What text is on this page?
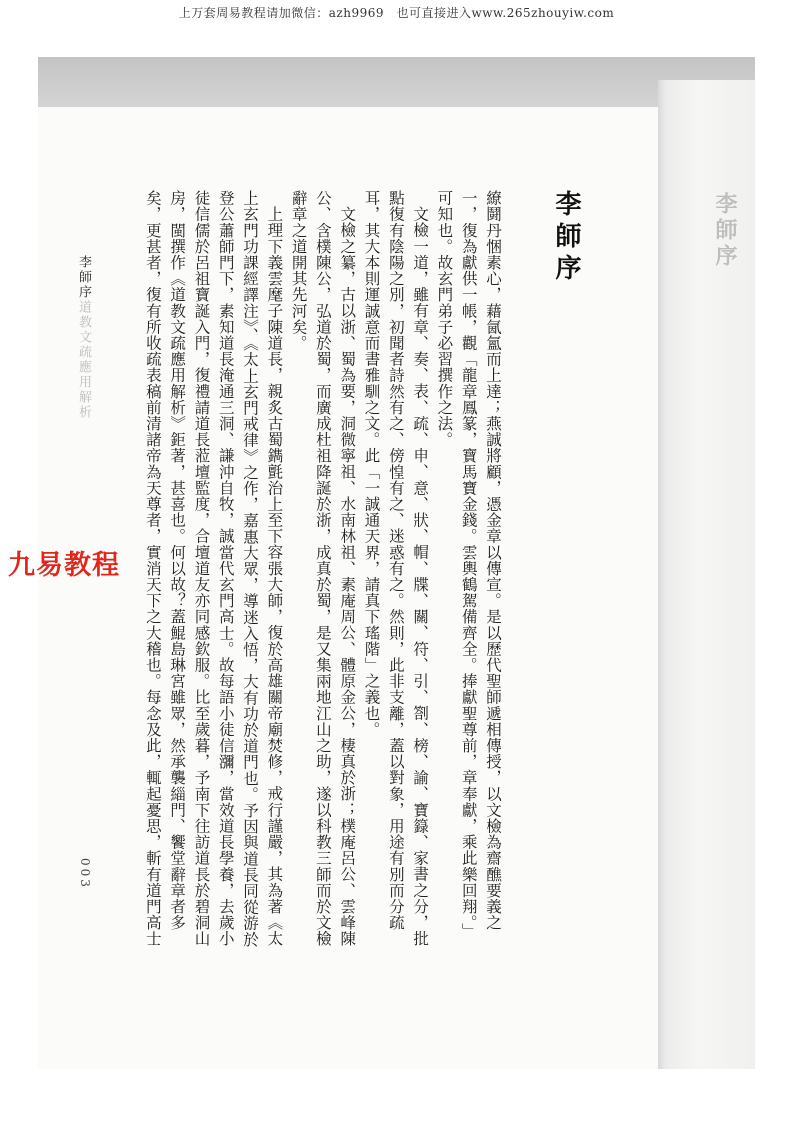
上万套周易教程请加微信：azh9969　也可直接进入www.265zhouyiw.com
李師序
李師序

繚鬪丹悃素心，藉氤氳而上達；燕誠將顧，憑金章以傳宣。是以歷代聖師遞相傳授，以文檢為齋醮要義之一，復為獻供一帳，觀「龍章鳳篆，寶馬寶金錢。雲輿鶴駕備齊全。捧獻聖尊前，章奉獻，乘此樂回翔。」可知也。故玄門弟子必習撰作之法。

文檢一道，雖有章、奏、表、疏、申、意、狀、帽、牒、關、符、引、劄、榜、諭、寶籙、家書之分，批點復有陰陽之別，初聞者詩然有之、傍惶有之、迷惑有之。然則，此非支離，蓋以對象，用途有別而分疏耳，其大本則運誠意而書雅馴之文。此「一誠通天界，請真下瑤階」之義也。

文檢之纂，古以浙、蜀為要，洞微寧祖、水南林祖、素庵周公、體原金公，棲真於浙；樸庵呂公、雲峰陳公、含樸陳公，弘道於蜀，而廣成杜祖降誕於浙，成真於蜀，是又集兩地江山之助，遂以科教三師而於文檢辭章之道開其先河矣。

上理下義雲麾子陳道長，親炙古蜀鐫氈治上至下容張大師，復於高雄關帝廟焚修，戒行謹嚴，其為著《太上玄門功課經譯注》、《太上玄門戒律》之作，嘉惠大眾，導迷入悟，大有功於道門也。予因與道長同從游於登公蕭師門下，素知道長淹通三洞、謙沖自牧，誠當代玄門高士。故每語小徒信瀰，當效道長學養，去歲小徒信儒於呂祖寶誕入門，復禮請道長蒞壇監度，合壇道友亦同感欽服。比至歲暮，予南下往訪道長於碧洞山房，閩撰作《道教文疏應用解析》鉅著，甚喜也。何以故？蓋鯤島琳宮雖眾，然承襲緇門、饗堂辭章者多矣，更甚者，復有所收疏表稿前清諸帝為天尊者，實消天下之大稽也。每念及此，輒起憂思，斬有道門高士

李師序道教文疏應用解析
003
九易教程
